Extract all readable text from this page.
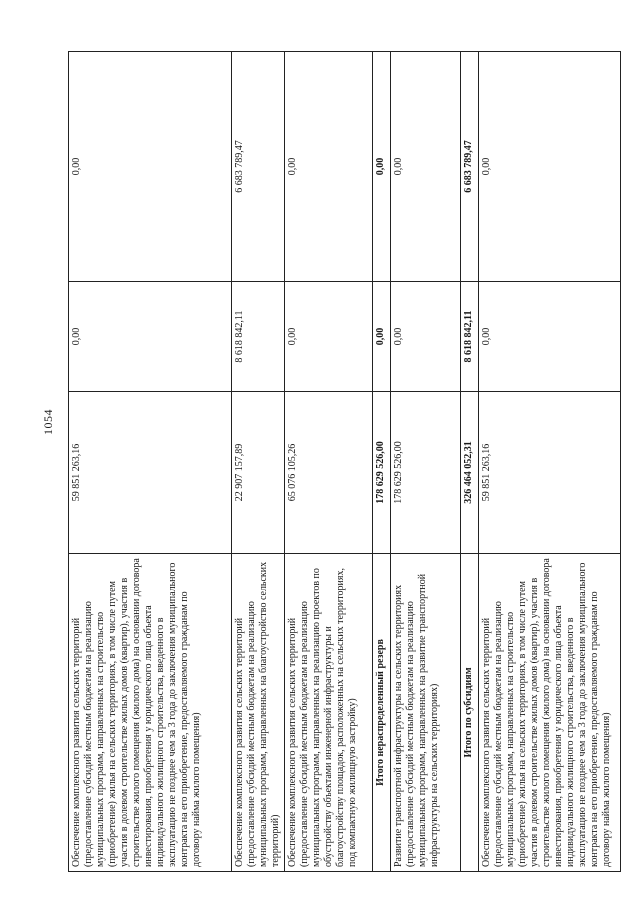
1054
Обеспечение комплексного развития сельских территорий (предоставление субсидий местным бюджетам на реализацию муниципальных программ, направленных на строительство (приобретение) жилья на сельских территориях, в том числе путем участия в долевом строительстве жилых домов (квартир), участия в строительстве жилого помещения (жилого дома) на основании договора инвестирования, приобретения у юридического лица объекта индивидуального жилищного строительства, введенного в эксплуатацию не позднее чем за 3 года до заключения муниципального контракта на его приобретение, предоставляемого гражданам по договору найма жилого помещения)	59 851 263,16	0,00	0,00
Обеспечение комплексного развития сельских территорий (предоставление субсидий местным бюджетам на реализацию муниципальных программ, направленных на благоустройство сельских территорий)	22 907 157,89	8 618 842,11	6 683 789,47
Обеспечение комплексного развития сельских территорий (предоставление субсидий местным бюджетам на реализацию муниципальных программ, направленных на реализацию проектов по обустройству объектами инженерной инфраструктуры и благоустройству площадок, расположенных на сельских территориях, под компактную жилищную застройку)	65 076 105,26	0,00	0,00
Итого нераспределенный резерв	178 629 526,00	0,00	0,00
Развитие транспортной инфраструктуры на сельских территориях (предоставление субсидий местным бюджетам на реализацию муниципальных программ, направленных на развитие транспортной инфраструктуры на сельских территориях)	178 629 526,00	0,00	0,00
Итого по субсидиям	326 464 052,31	8 618 842,11	6 683 789,47
Обеспечение комплексного развития сельских территорий (предоставление субсидий местным бюджетам на реализацию муниципальных программ, направленных на строительство (приобретение) жилья на сельских территориях, в том числе путем участия в долевом строительстве жилых домов (квартир), участия в строительстве жилого помещения (жилого дома) на основании договора инвестирования, приобретения у юридического лица объекта индивидуального жилищного строительства, введенного в эксплуатацию не позднее чем за 3 года до заключения муниципального контракта на его приобретение, предоставляемого гражданам по договору найма жилого помещения)	59 851 263,16	0,00	0,00
